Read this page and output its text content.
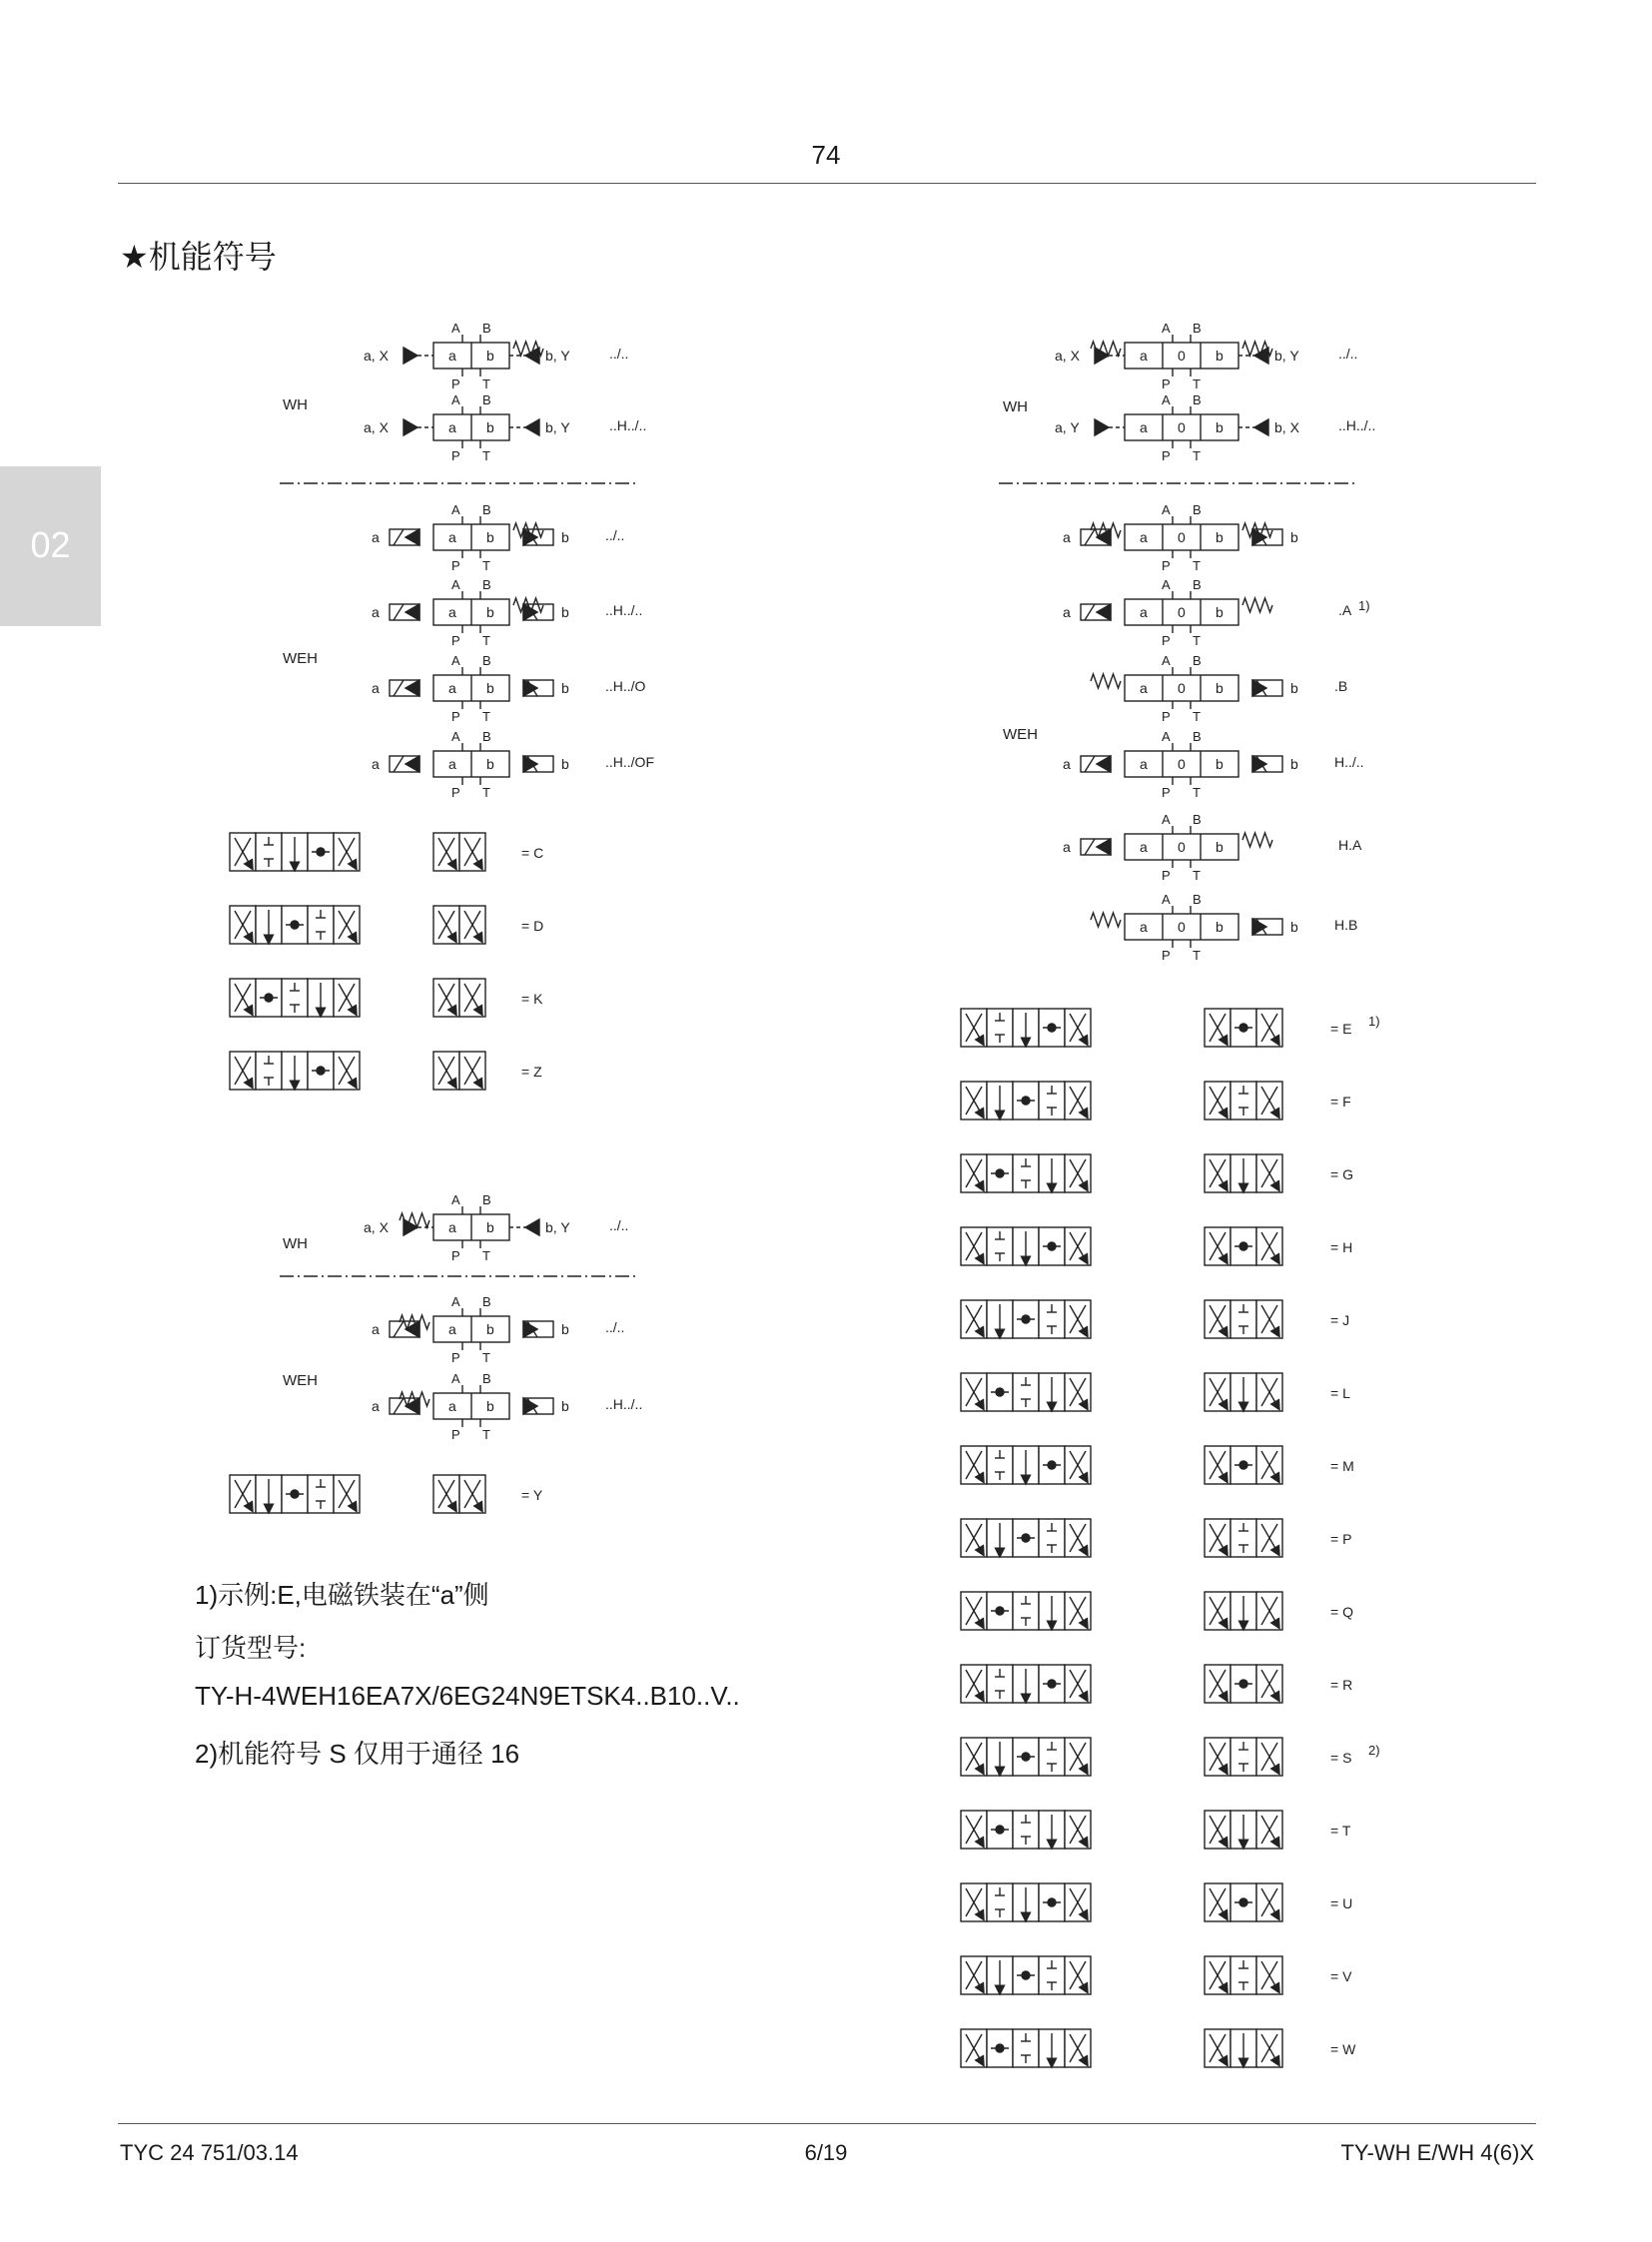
74
★机能符号
02
a b
A B
P T
a, X	b, Y	../..
a b
A B
P T
a, X	b, Y	..H../..
WH
a b
A B
P T
a	b	../..
a b
A B
P T
a	b	..H../..
a b
A B
P T
a	b	..H../O
a b
A B
P T
a	b	..H../OF
WEH
= C
= D
= K
= Z
a b
A B
P T
a, X	b, Y	../..
WH
a b
A B
P T
a	b	../..
a b
A B
P T
a	b	..H../..
WEH
= Y
a 0 b
A B
P T
a, X	b, Y	../..
a 0 b
A B
P T
a, Y	b, X	..H../..
WH
a 0 b
A B
P T
a	b
a 0 b
A B
P T
a	.A 1)
a 0 b
A B
P T
b	.B
a 0 b
A B
P T
a	b	H../..
a 0 b
A B
P T
a	H.A
a 0 b
A B
P T
b	H.B
WEH
= E 1)
= F
= G
= H
= J
= L
= M
= P
= Q
= R
= S 2)
= T
= U
= V
= W
1)示例:E,电磁铁装在“a”侧
订货型号:
TY-H-4WEH16EA7X/6EG24N9ETSK4..B10..V..
2)机能符号 S 仅用于通径 16
TYC 24 751/03.14	6/19	TY-WH E/WH 4(6)X
